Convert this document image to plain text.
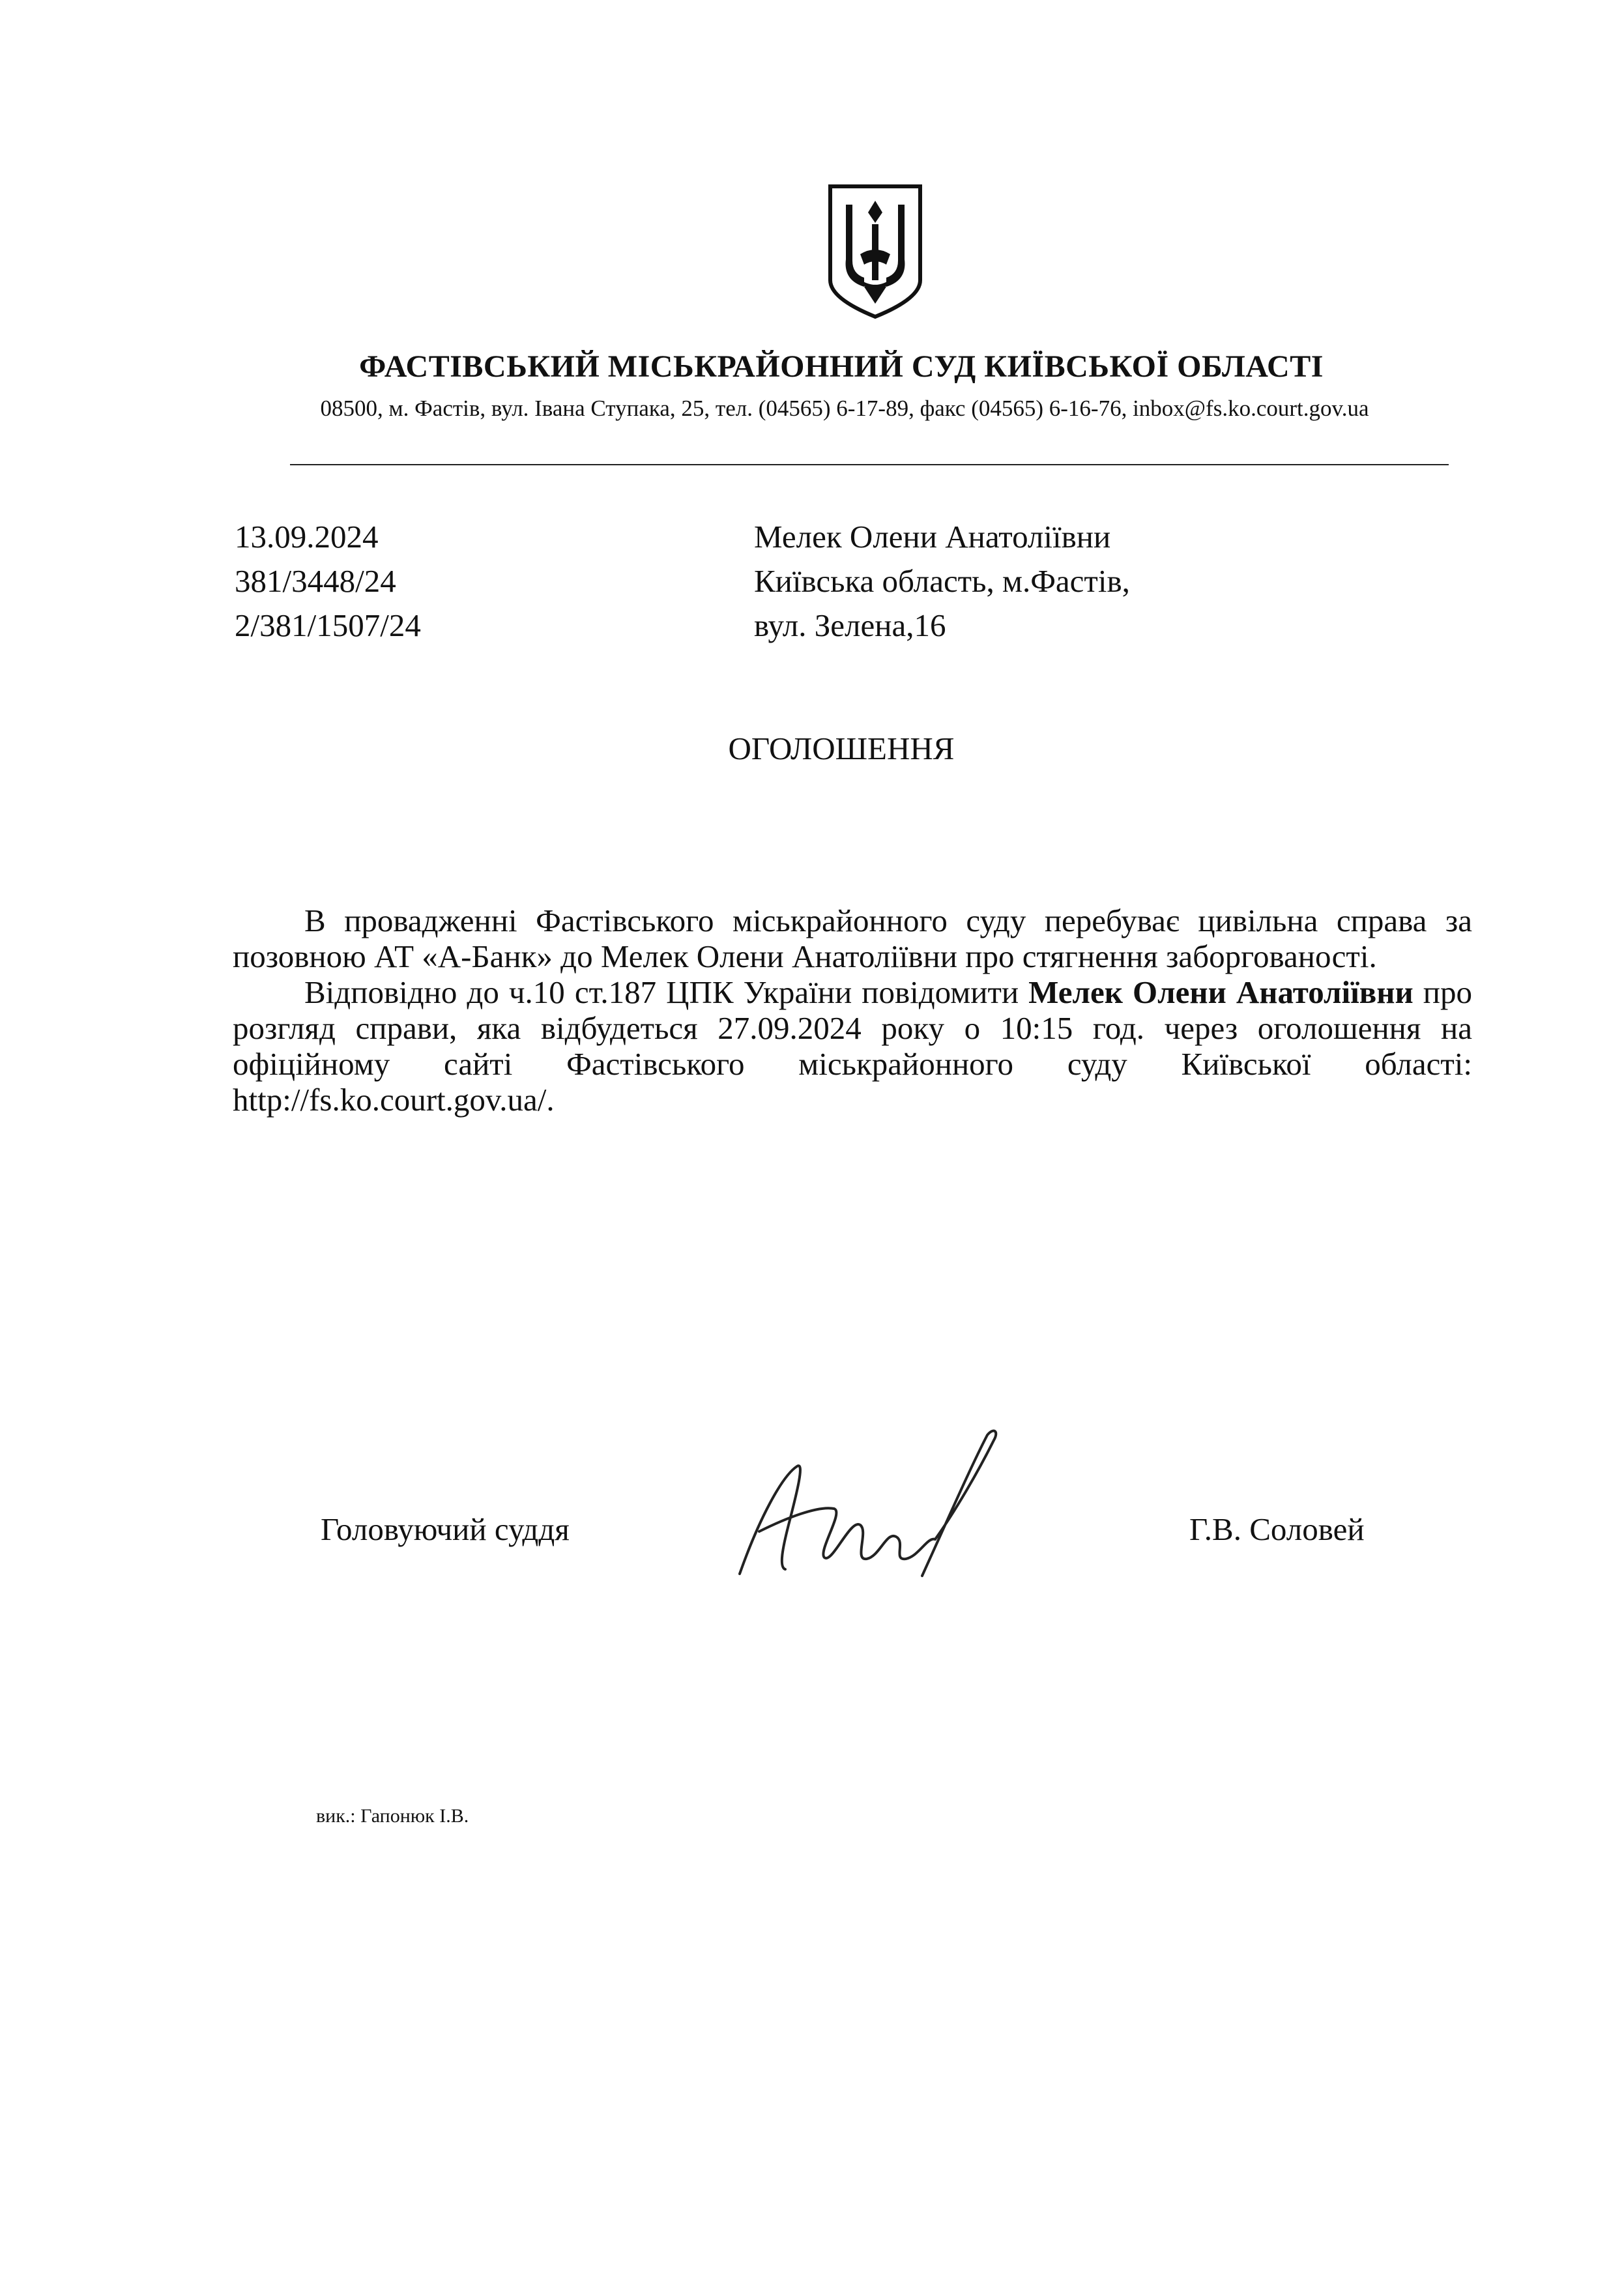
ФАСТІВСЬКИЙ МІСЬКРАЙОННИЙ СУД КИЇВСЬКОЇ ОБЛАСТІ
08500, м. Фастів, вул. Івана Ступака, 25, тел. (04565) 6-17-89, факс (04565) 6-16-76, inbox@fs.ko.court.gov.ua
13.09.2024
381/3448/24
2/381/1507/24
Мелек Олени Анатоліївни
Київська область, м.Фастів,
вул. Зелена,16
ОГОЛОШЕННЯ

В провадженні Фастівського міськрайонного суду перебуває цивільна справа за позовною АТ «А-Банк» до Мелек Олени Анатоліївни про стягнення заборгованості.

Відповідно до ч.10 ст.187 ЦПК України повідомити Мелек Олени Анатоліївни про розгляд справи, яка відбудеться 27.09.2024 року о 10:15 год. через оголошення на офіційному сайті Фастівського міськрайонного суду Київської області: http://fs.ko.court.gov.ua/.

Головуючий суддя	Г.В. Соловей
вик.: Гапонюк І.В.
